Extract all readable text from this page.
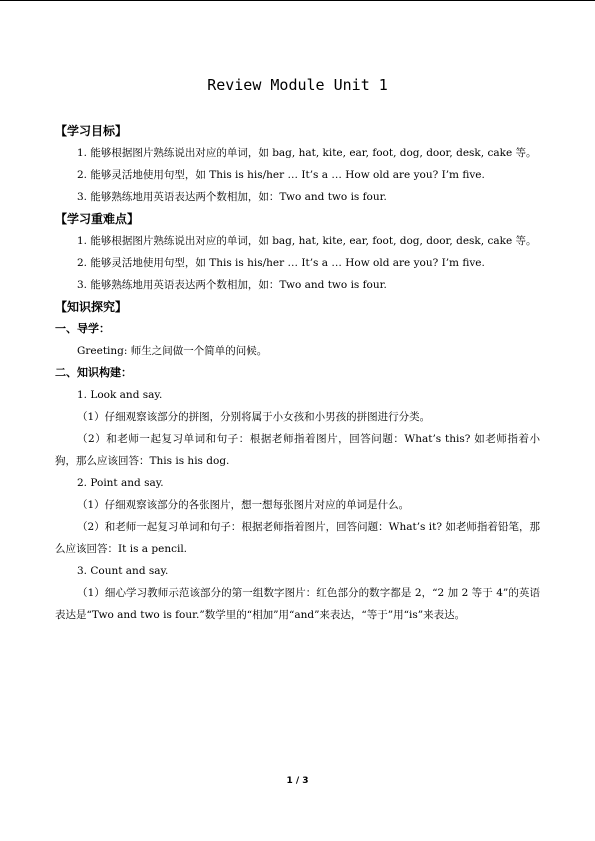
Review Module Unit 1
【学习目标】
1. 能够根据图片熟练说出对应的单词，如 bag, hat, kite, ear, foot, dog, door, desk, cake 等。
2. 能够灵活地使用句型，如 This is his/her … It’s a … How old are you? I’m five.
3. 能够熟练地用英语表达两个数相加，如：Two and two is four.
【学习重难点】
1. 能够根据图片熟练说出对应的单词，如 bag, hat, kite, ear, foot, dog, door, desk, cake 等。
2. 能够灵活地使用句型，如 This is his/her … It’s a … How old are you? I’m five.
3. 能够熟练地用英语表达两个数相加，如：Two and two is four.
【知识探究】
一、导学：
Greeting: 师生之间做一个简单的问候。
二、知识构建：
1. Look and say.
（1）仔细观察该部分的拼图，分别将属于小女孩和小男孩的拼图进行分类。
（2）和老师一起复习单词和句子：根据老师指着图片，回答问题：What’s this? 如老师指着小狗，那么应该回答：This is his dog.
2. Point and say.
（1）仔细观察该部分的各张图片，想一想每张图片对应的单词是什么。
（2）和老师一起复习单词和句子：根据老师指着图片，回答问题：What’s it? 如老师指着铅笔，那么应该回答：It is a pencil.
3. Count and say.
（1）细心学习教师示范该部分的第一组数字图片：红色部分的数字都是 2，“2 加 2 等于 4”的英语表达是“Two and two is four.”数学里的“相加”用“and”来表达，“等于”用“is”来表达。
1 / 3
